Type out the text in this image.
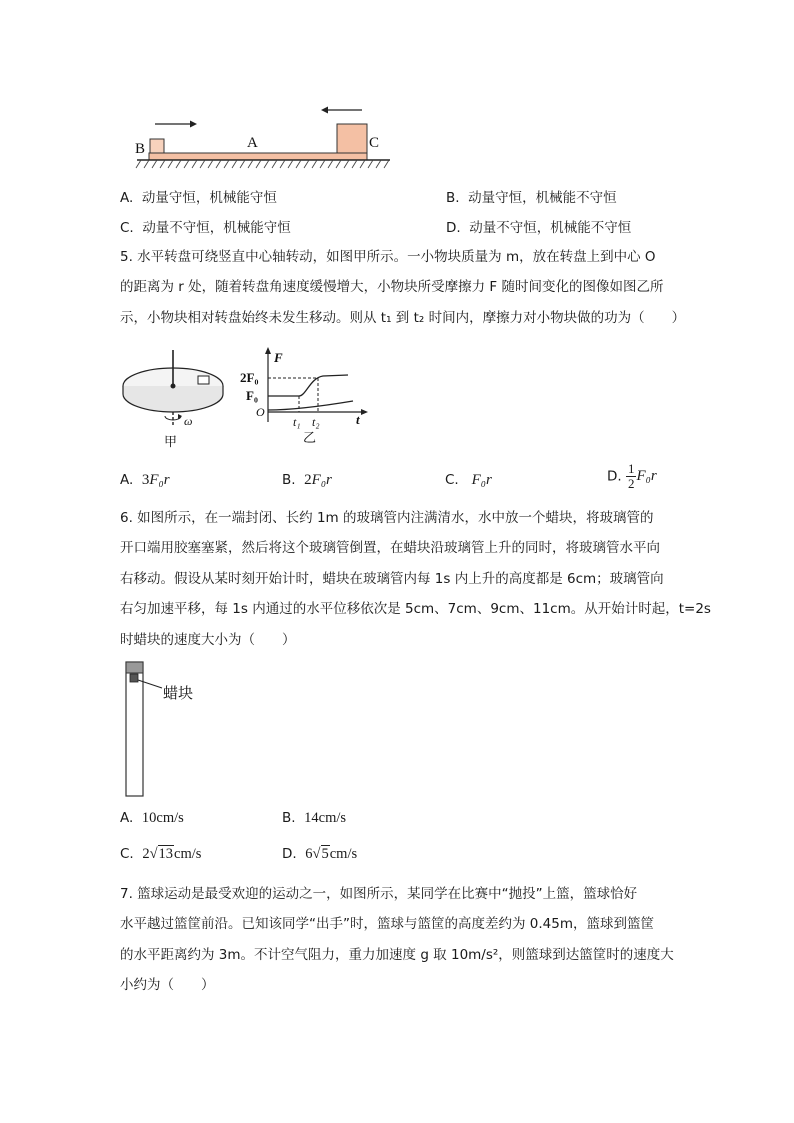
B	A	C
A. 动量守恒，机械能守恒	B. 动量守恒，机械能不守恒
C. 动量不守恒，机械能守恒	D. 动量不守恒，机械能不守恒
5. 水平转盘可绕竖直中心轴转动，如图甲所示。一小物块质量为 m，放在转盘上到中心 O
的距离为 r 处，随着转盘角速度缓慢增大，小物块所受摩擦力 F 随时间变化的图像如图乙所
示，小物块相对转盘始终未发生移动。则从 t₁ 到 t₂ 时间内，摩擦力对小物块做的功为（　　）
ω
甲
F
t
2F₀
F₀
O
t₁ t₂
乙
A. 3F₀r	B. 2F₀r	C. F₀r	D. $\frac{1}{2} F_0r$
6. 如图所示，在一端封闭、长约 1m 的玻璃管内注满清水，水中放一个蜡块，将玻璃管的
开口端用胶塞塞紧，然后将这个玻璃管倒置，在蜡块沿玻璃管上升的同时，将玻璃管水平向
右移动。假设从某时刻开始计时，蜡块在玻璃管内每 1s 内上升的高度都是 6cm；玻璃管向
右匀加速平移，每 1s 内通过的水平位移依次是 5cm、7cm、9cm、11cm。从开始计时起，t=2s
时蜡块的速度大小为（　　）
蜡块
A. 10cm/s	B. 14cm/s
C. 2√13cm/s	D. 6√5cm/s
7. 篮球运动是最受欢迎的运动之一，如图所示，某同学在比赛中“抛投”上篮，篮球恰好
水平越过篮筐前沿。已知该同学“出手”时，篮球与篮筐的高度差约为 0.45m，篮球到篮筐
的水平距离约为 3m。不计空气阻力，重力加速度 g 取 10m/s²，则篮球到达篮筐时的速度大
小约为（　　）
